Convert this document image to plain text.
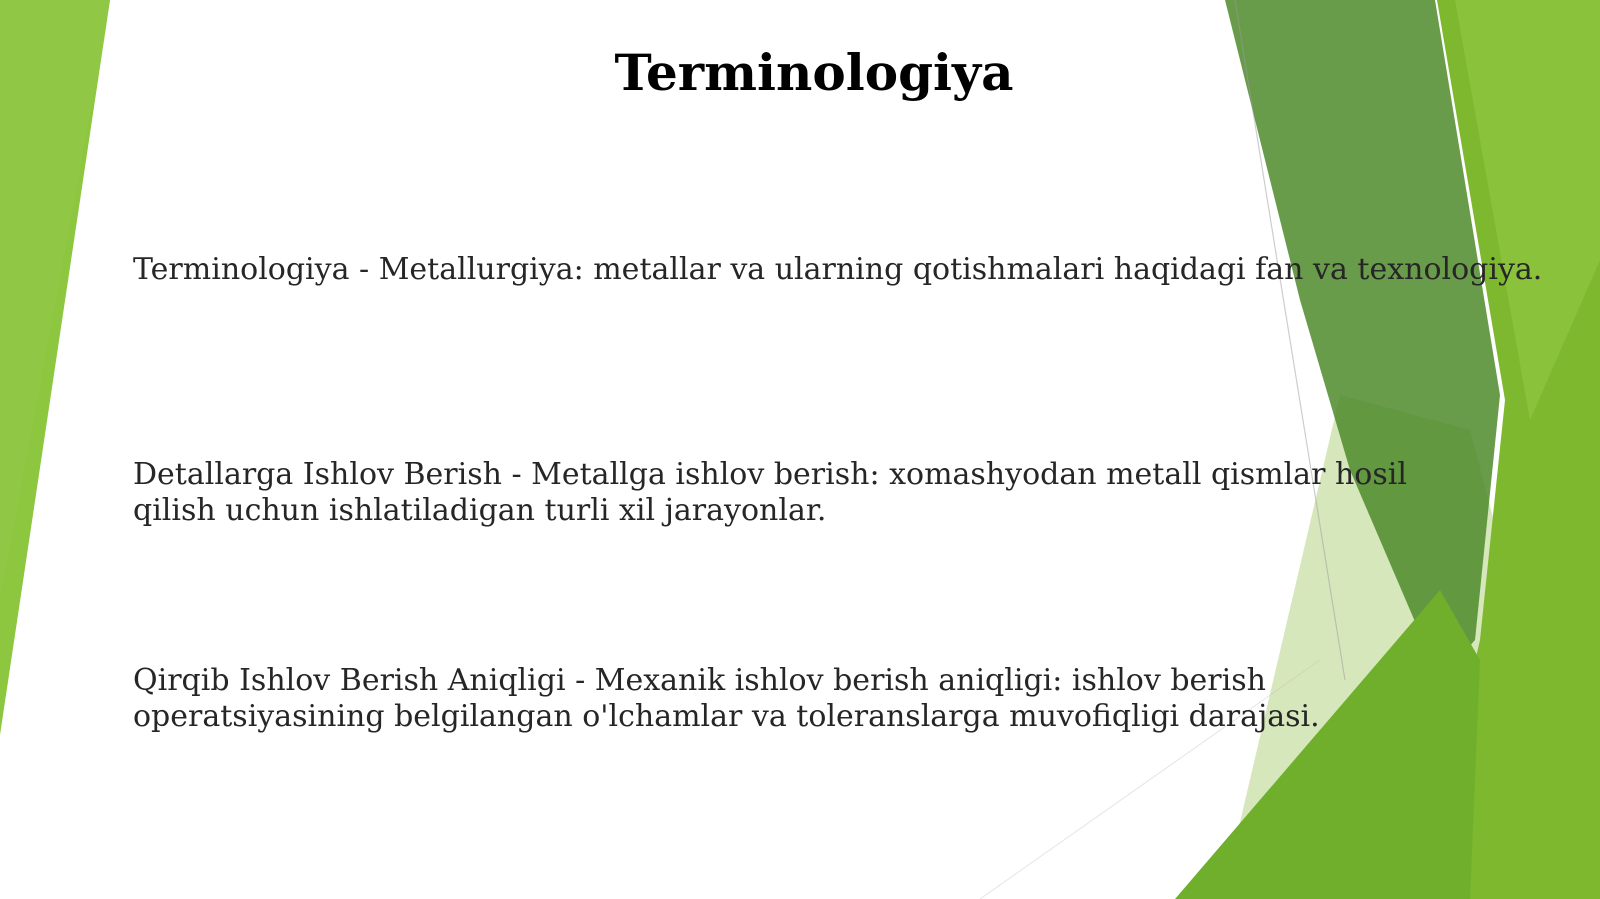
Terminologiya
Terminologiya - Metallurgiya: metallar va ularning qotishmalari haqidagi fan va texnologiya.
Detallarga Ishlov Berish - Metallga ishlov berish: xomashyodan metall qismlar hosil qilish uchun ishlatiladigan turli xil jarayonlar.
Qirqib Ishlov Berish Aniqligi - Mexanik ishlov berish aniqligi: ishlov berish operatsiyasining belgilangan o'lchamlar va toleranslarga muvofiqligi darajasi.
